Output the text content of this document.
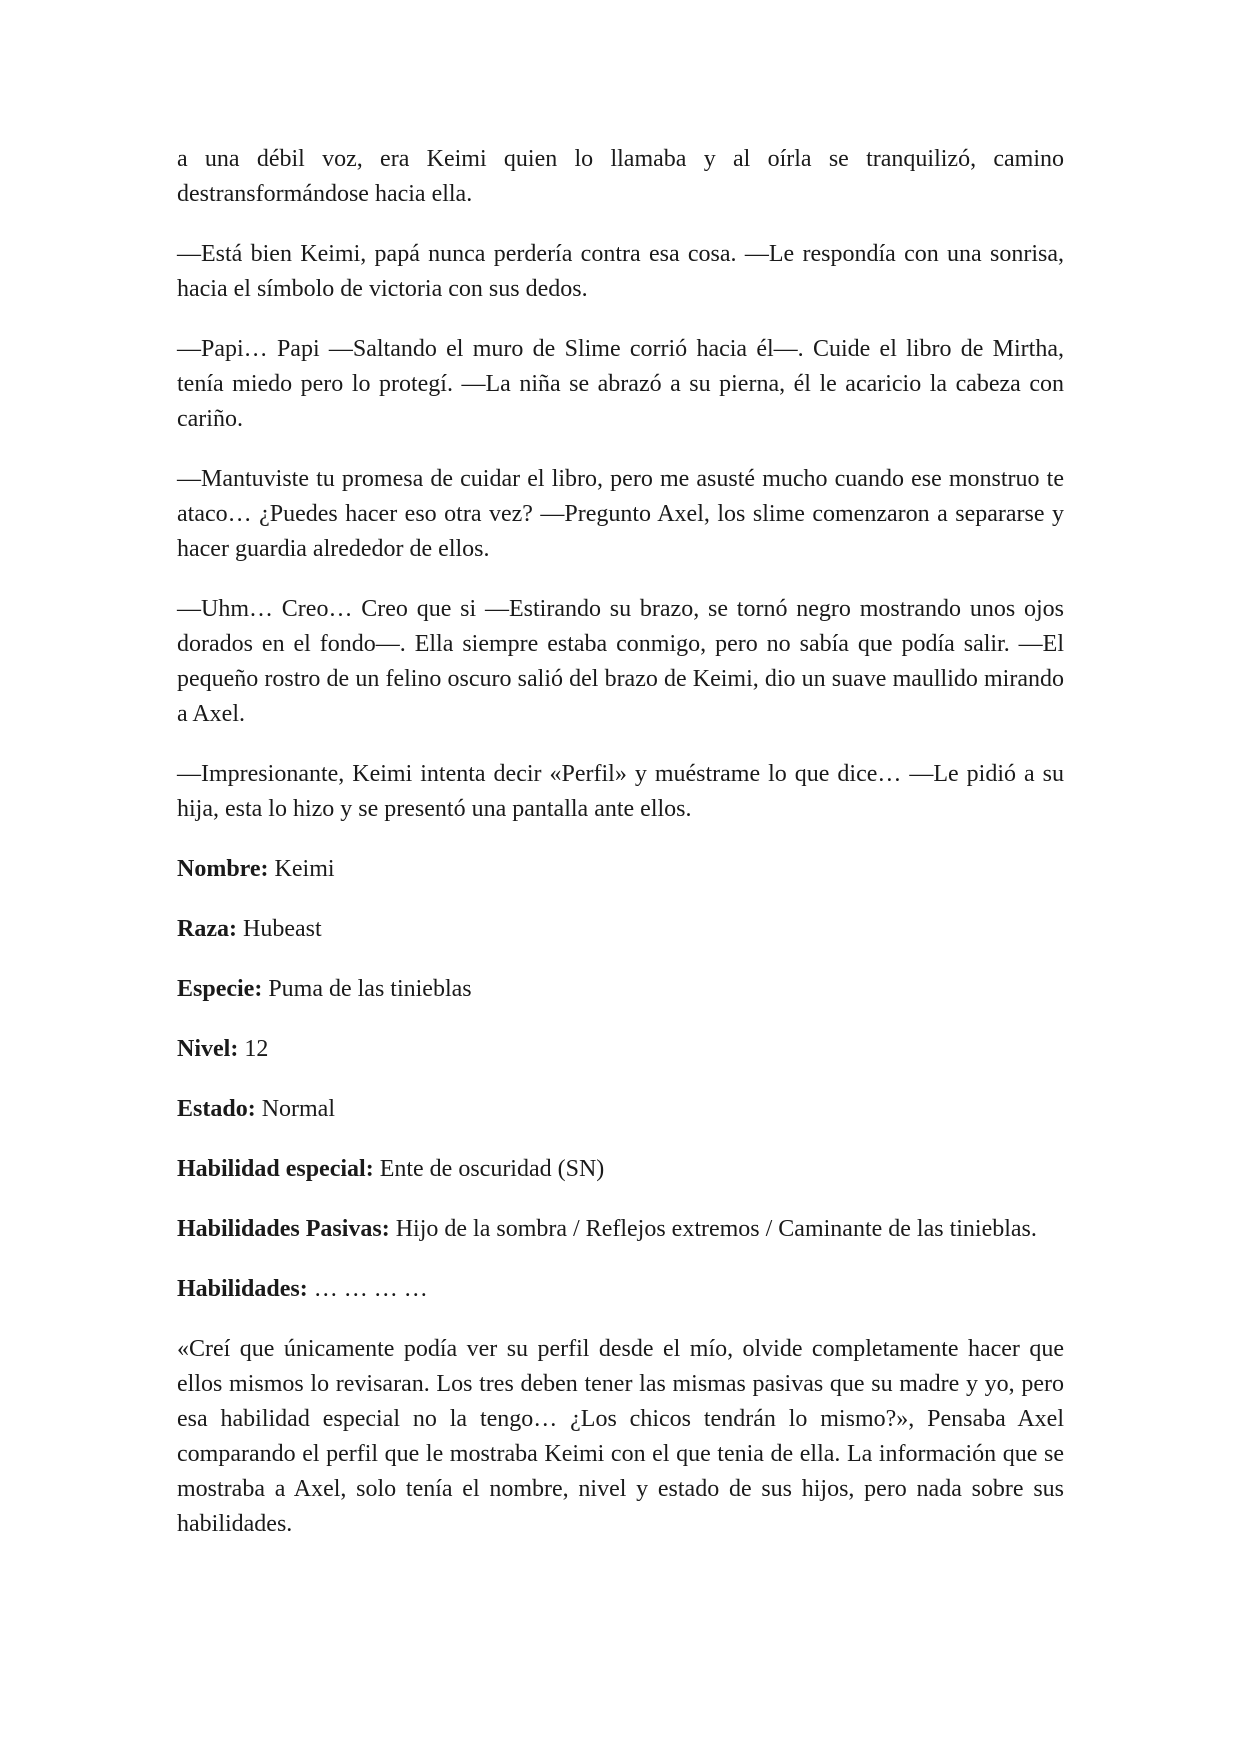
a una débil voz, era Keimi quien lo llamaba y al oírla se tranquilizó, camino destransformándose hacia ella.

—Está bien Keimi, papá nunca perdería contra esa cosa. —Le respondía con una sonrisa, hacia el símbolo de victoria con sus dedos.

—Papi… Papi —Saltando el muro de Slime corrió hacia él—. Cuide el libro de Mirtha, tenía miedo pero lo protegí. —La niña se abrazó a su pierna, él le acaricio la cabeza con cariño.

—Mantuviste tu promesa de cuidar el libro, pero me asusté mucho cuando ese monstruo te ataco… ¿Puedes hacer eso otra vez? —Pregunto Axel, los slime comenzaron a separarse y hacer guardia alrededor de ellos.

—Uhm… Creo… Creo que si —Estirando su brazo, se tornó negro mostrando unos ojos dorados en el fondo—. Ella siempre estaba conmigo, pero no sabía que podía salir. —El pequeño rostro de un felino oscuro salió del brazo de Keimi, dio un suave maullido mirando a Axel.

—Impresionante, Keimi intenta decir «Perfil» y muéstrame lo que dice… —Le pidió a su hija, esta lo hizo y se presentó una pantalla ante ellos.

Nombre: Keimi

Raza: Hubeast

Especie: Puma de las tinieblas

Nivel: 12

Estado: Normal

Habilidad especial: Ente de oscuridad (SN)

Habilidades Pasivas: Hijo de la sombra / Reflejos extremos / Caminante de las tinieblas.

Habilidades: … … … …

«Creí que únicamente podía ver su perfil desde el mío, olvide completamente hacer que ellos mismos lo revisaran. Los tres deben tener las mismas pasivas que su madre y yo, pero esa habilidad especial no la tengo… ¿Los chicos tendrán lo mismo?», Pensaba Axel comparando el perfil que le mostraba Keimi con el que tenia de ella. La información que se mostraba a Axel, solo tenía el nombre, nivel y estado de sus hijos, pero nada sobre sus habilidades.
